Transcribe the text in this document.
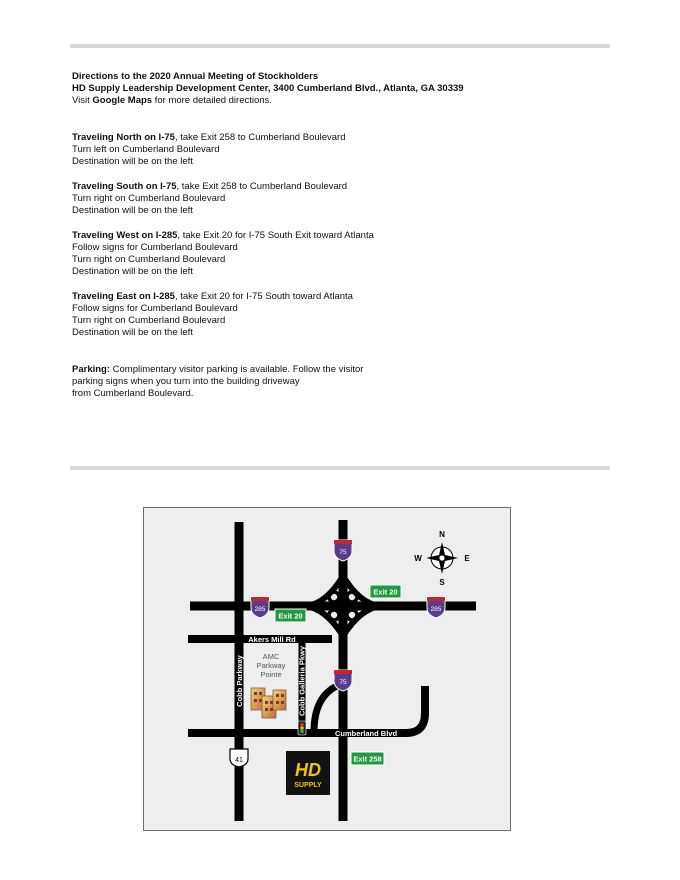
Directions to the 2020 Annual Meeting of Stockholders

HD Supply Leadership Development Center, 3400 Cumberland Blvd., Atlanta, GA 30339

Visit Google Maps for more detailed directions.

Traveling North on I-75, take Exit 258 to Cumberland Boulevard

Turn left on Cumberland Boulevard

Destination will be on the left

Traveling South on I-75, take Exit 258 to Cumberland Boulevard

Turn right on Cumberland Boulevard

Destination will be on the left

Traveling West on I-285, take Exit 20 for I-75 South Exit toward Atlanta

Follow signs for Cumberland Boulevard

Turn right on Cumberland Boulevard

Destination will be on the left

Traveling East on I-285, take Exit 20 for I-75 South toward Atlanta

Follow signs for Cumberland Boulevard

Turn right on Cumberland Boulevard

Destination will be on the left

Parking: Complimentary visitor parking is available. Follow the visitor

parking signs when you turn into the building driveway

from Cumberland Boulevard.

Akers Mill Rd
Cobb Parkway	Cobb Galleria Pkwy
Cumberland Blvd
75
75
285	285
41
Exit 20
Exit 20
Exit 258
AMC
Parkway
Pointe
HD
SUPPLY
N
S
W	E
